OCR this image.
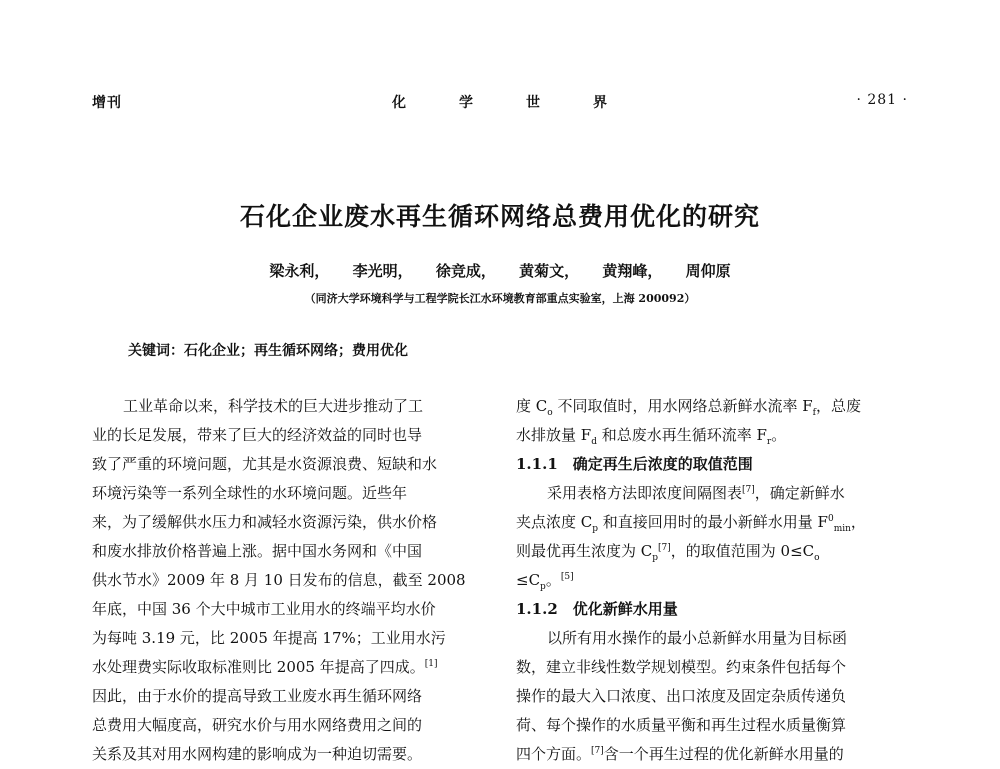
增刊	化	学	世	界	· 281 ·
石化企业废水再生循环网络总费用优化的研究
梁永利， 李光明， 徐竞成， 黄菊文， 黄翔峰， 周仰原
（同济大学环境科学与工程学院长江水环境教育部重点实验室，上海 200092）
关键词：石化企业；再生循环网络；费用优化
工业革命以来，科学技术的巨大进步推动了工
业的长足发展，带来了巨大的经济效益的同时也导
致了严重的环境问题，尤其是水资源浪费、短缺和水
环境污染等一系列全球性的水环境问题。近些年
来，为了缓解供水压力和减轻水资源污染，供水价格
和废水排放价格普遍上涨。据中国水务网和《中国
供水节水》2009 年 8 月 10 日发布的信息，截至 2008
年底，中国 36 个大中城市工业用水的终端平均水价
为每吨 3.19 元，比 2005 年提高 17%；工业用水污
水处理费实际收取标准则比 2005 年提高了四成。[1]
因此，由于水价的提高导致工业废水再生循环网络
总费用大幅度高，研究水价与用水网络费用之间的
关系及其对用水网构建的影响成为一种迫切需要。
度 $C_o$ 不同取值时，用水网络总新鲜水流率 $F_f$，总废
水排放量 $F_d$ 和总废水再生循环流率 $F_r$。
1.1.1　确定再生后浓度的取值范围
采用表格方法即浓度间隔图表[7]，确定新鲜水
夹点浓度 $C_p$ 和直接回用时的最小新鲜水用量 $F^0_{min}$，
则最优再生浓度为 $C_p[7]$，的取值范围为 $0\le C_o$
$\le C_p$。[5]
1.1.2　优化新鲜水用量
以所有用水操作的最小总新鲜水用量为目标函
数，建立非线性数学规划模型。约束条件包括每个
操作的最大入口浓度、出口浓度及固定杂质传递负
荷、每个操作的水质量平衡和再生过程水质量衡算
四个方面。[7]含一个再生过程的优化新鲜水用量的
